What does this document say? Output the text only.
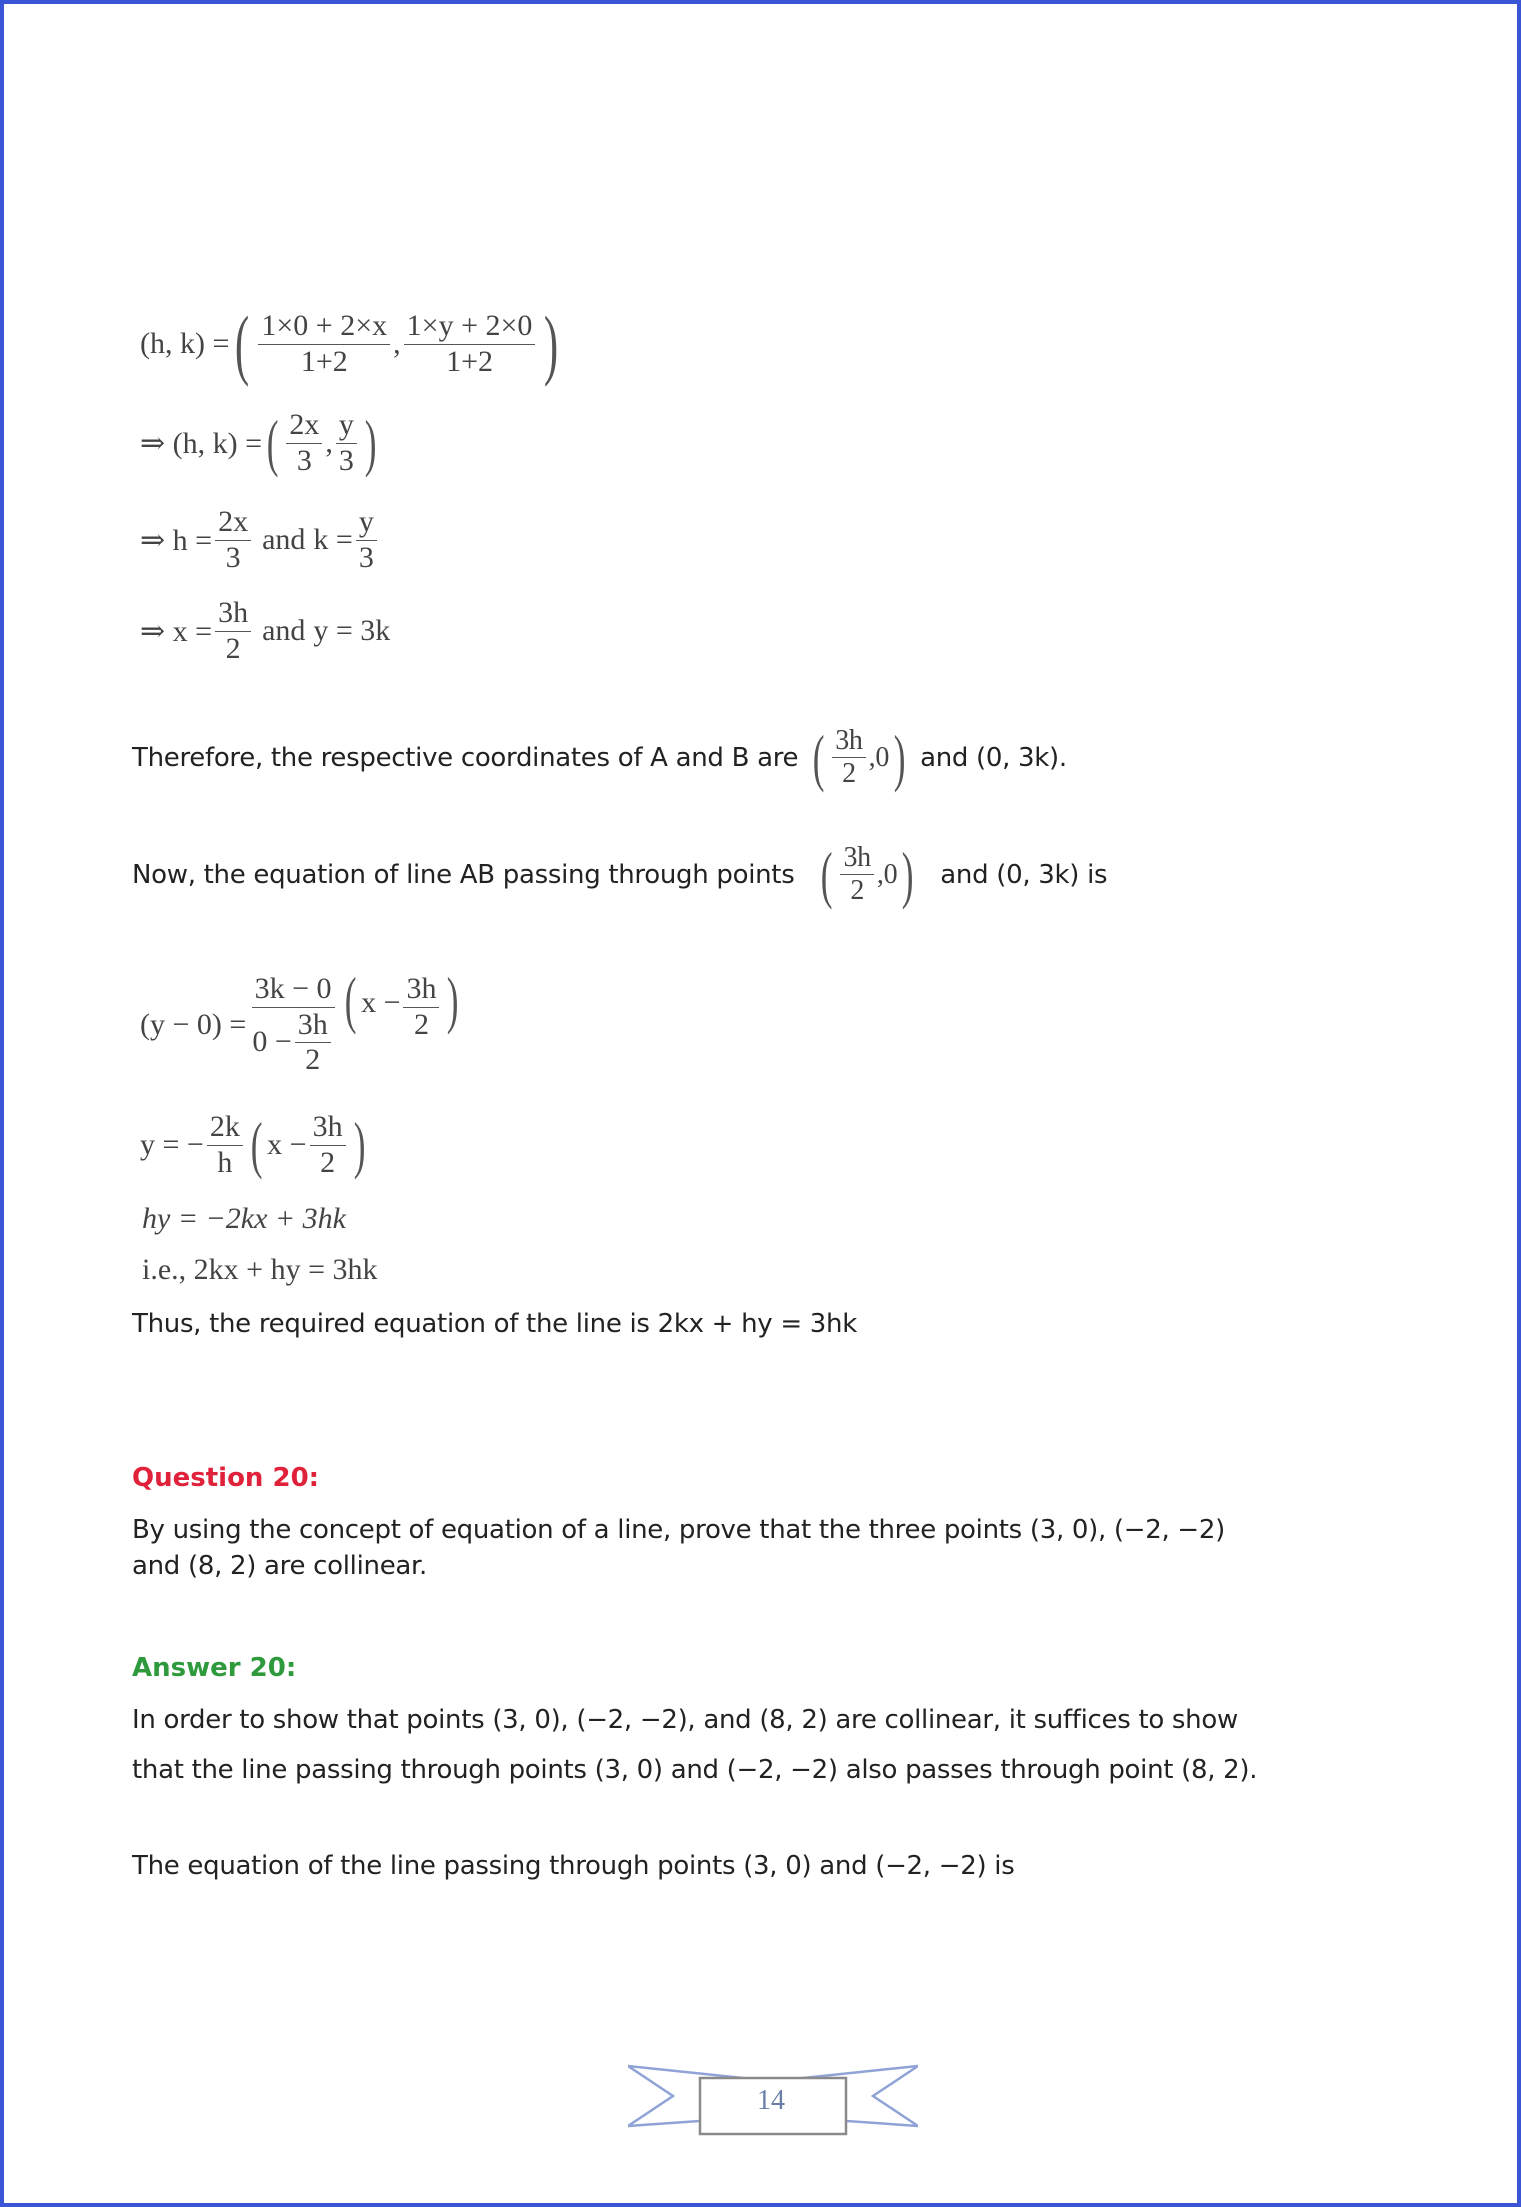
(h, k) = ( $\frac{1\times 0 + 2\times x}{1+2}$ , $\frac{1\times y + 2\times 0}{1+2}$ )
⇒ (h, k) = ( $\frac{2x}{3}$ , $\frac{y}{3}$ )
⇒ $h = \frac{2x}{3}$ and $k = \frac{y}{3}$
⇒ $x = \frac{3h}{2}$ and y = 3k
Therefore, the respective coordinates of A and B are ( $\frac{3h}{2} ,0$ ) and (0, 3k).
Now, the equation of line AB passing through points ( $\frac{3h}{2} ,0$ ) and (0, 3k) is
$(y - 0) = \frac{3k - 0}{0 - \frac{3h}{2}}$ ( $x - \frac{3h}{2}$ )
y = − $\frac{2k}{h}$ ( $x - \frac{3h}{2}$ )
hy = −2kx + 3hk
i.e., 2kx + hy = 3hk
Thus, the required equation of the line is 2kx + hy = 3hk
Question 20:
By using the concept of equation of a line, prove that the three points (3, 0), (−2, −2)
and (8, 2) are collinear.
Answer 20:
In order to show that points (3, 0), (−2, −2), and (8, 2) are collinear, it suffices to show
that the line passing through points (3, 0) and (−2, −2) also passes through point (8, 2).
The equation of the line passing through points (3, 0) and (−2, −2) is
14
